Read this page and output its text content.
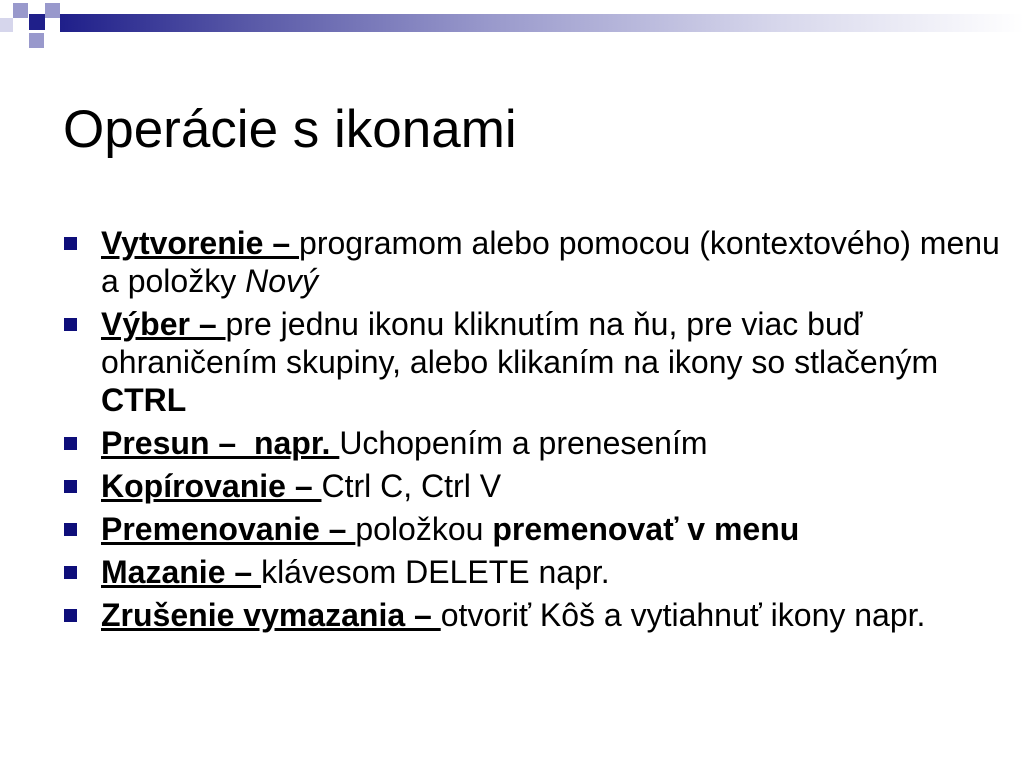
Operácie s ikonami
Vytvorenie – programom alebo pomocou (kontextového) menu a položky Nový
Výber – pre jednu ikonu kliknutím na ňu, pre viac buď ohraničením skupiny, alebo klikaním na ikony so stlačeným CTRL
Presun –  napr. Uchopením a prenesením
Kopírovanie – Ctrl C, Ctrl V
Premenovanie – položkou premenovať v menu
Mazanie – klávesom DELETE napr.
Zrušenie vymazania – otvoriť Kôš a vytiahnuť ikony napr.
